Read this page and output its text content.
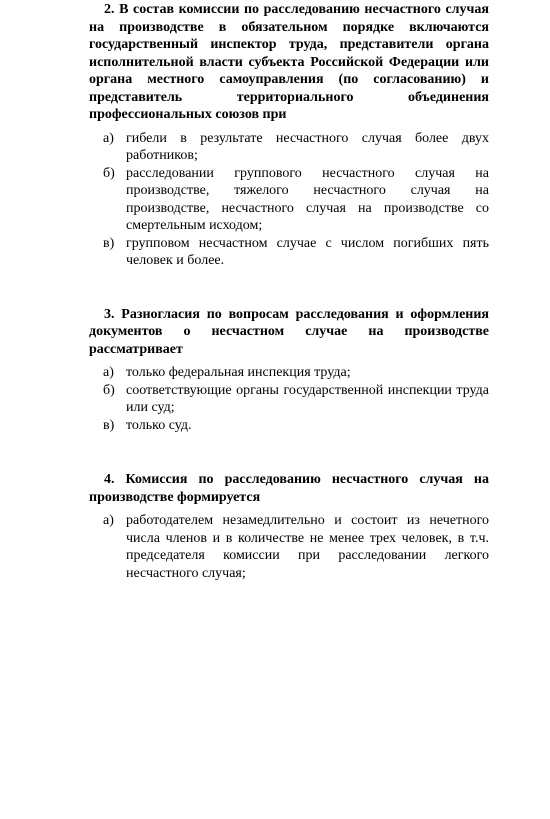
2. В состав комиссии по расследованию несчастного случая на производстве в обязательном порядке включаются государственный инспектор труда, представители органа исполнительной власти субъекта Российской Федерации или органа местного самоуправления (по согласованию) и представитель территориального объединения профессиональных союзов при

а) гибели в результате несчастного случая более двух работников;
б) расследовании группового несчастного случая на производстве, тяжелого несчастного случая на производстве, несчастного случая на производстве со смертельным исходом;
в) групповом несчастном случае с числом погибших пять человек и более.

3. Разногласия по вопросам расследования и оформления документов о несчастном случае на производстве рассматривает

а) только федеральная инспекция труда;
б) соответствующие органы государственной инспекции труда или суд;
в) только суд.

4. Комиссия по расследованию несчастного случая на производстве формируется

а) работодателем незамедлительно и состоит из нечетного числа членов и в количестве не менее трех человек, в т.ч. председателя комиссии при расследовании легкого несчастного случая;
